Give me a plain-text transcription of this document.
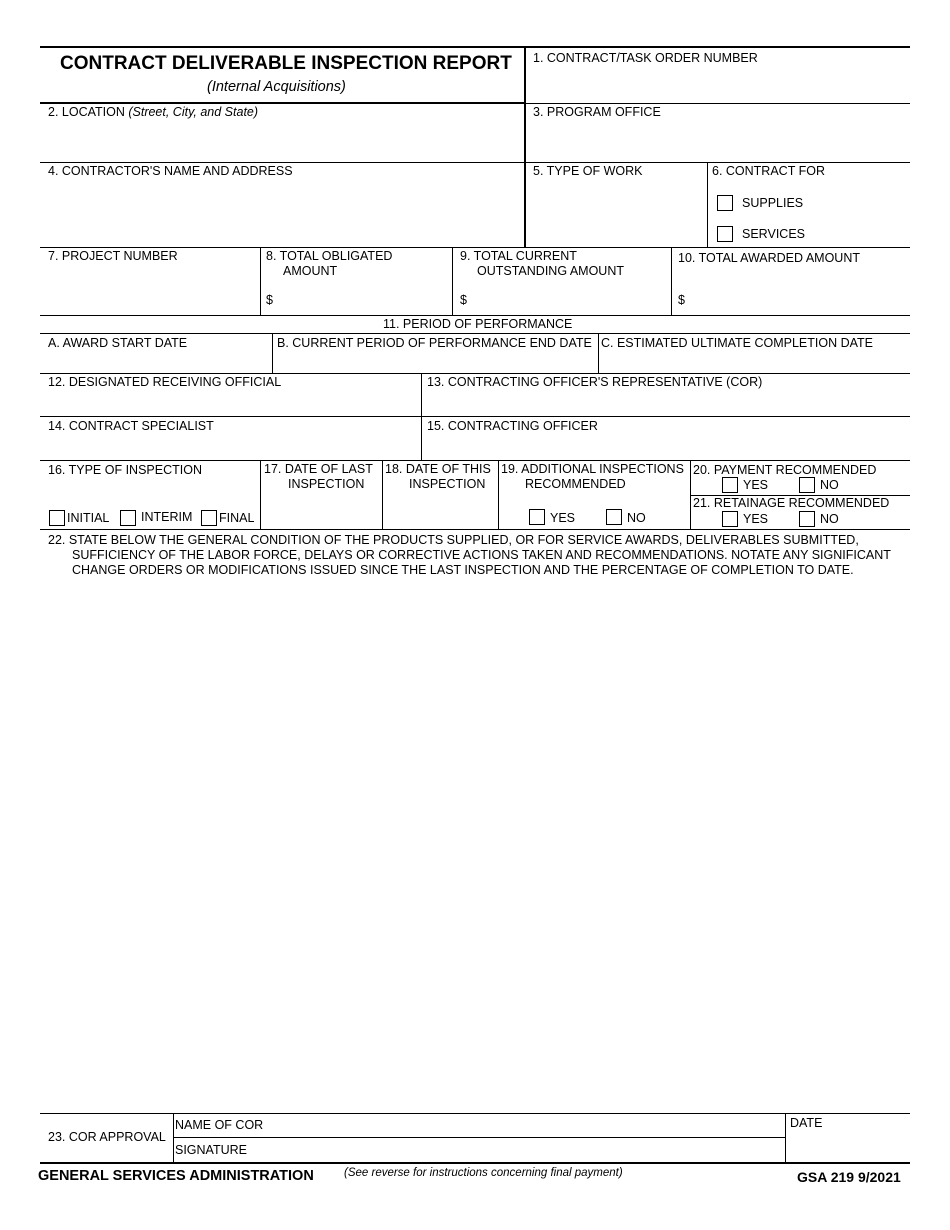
CONTRACT DELIVERABLE INSPECTION REPORT
(Internal Acquisitions)
1. CONTRACT/TASK ORDER NUMBER
2. LOCATION (Street, City, and State)	3. PROGRAM OFFICE
4. CONTRACTOR'S NAME AND ADDRESS	5. TYPE OF WORK	6. CONTRACT FOR
SUPPLIES
SERVICES
7. PROJECT NUMBER	8. TOTAL OBLIGATED
AMOUNT
$
9. TOTAL CURRENT
OUTSTANDING AMOUNT
$
10. TOTAL AWARDED AMOUNT
$
11. PERIOD OF PERFORMANCE
A. AWARD START DATE	B. CURRENT PERIOD OF PERFORMANCE END DATE C. ESTIMATED ULTIMATE COMPLETION DATE
12. DESIGNATED RECEIVING OFFICIAL	13. CONTRACTING OFFICER'S REPRESENTATIVE (COR)
14. CONTRACT SPECIALIST	15. CONTRACTING OFFICER
16. TYPE OF INSPECTION
INITIAL	INTERIM FINAL
17. DATE OF LAST
INSPECTION
18. DATE OF THIS
INSPECTION
19. ADDITIONAL INSPECTIONS
RECOMMENDED
YES	NO
20. PAYMENT RECOMMENDED
YES	NO
21. RETAINAGE RECOMMENDED
YES	NO
22. STATE BELOW THE GENERAL CONDITION OF THE PRODUCTS SUPPLIED, OR FOR SERVICE AWARDS, DELIVERABLES SUBMITTED,
SUFFICIENCY OF THE LABOR FORCE, DELAYS OR CORRECTIVE ACTIONS TAKEN AND RECOMMENDATIONS. NOTATE ANY SIGNIFICANT
CHANGE ORDERS OR MODIFICATIONS ISSUED SINCE THE LAST INSPECTION AND THE PERCENTAGE OF COMPLETION TO DATE.
23. COR APPROVAL
NAME OF COR
SIGNATURE
DATE
GENERAL SERVICES ADMINISTRATION	(See reverse for instructions concerning final payment)	GSA 219 9/2021
